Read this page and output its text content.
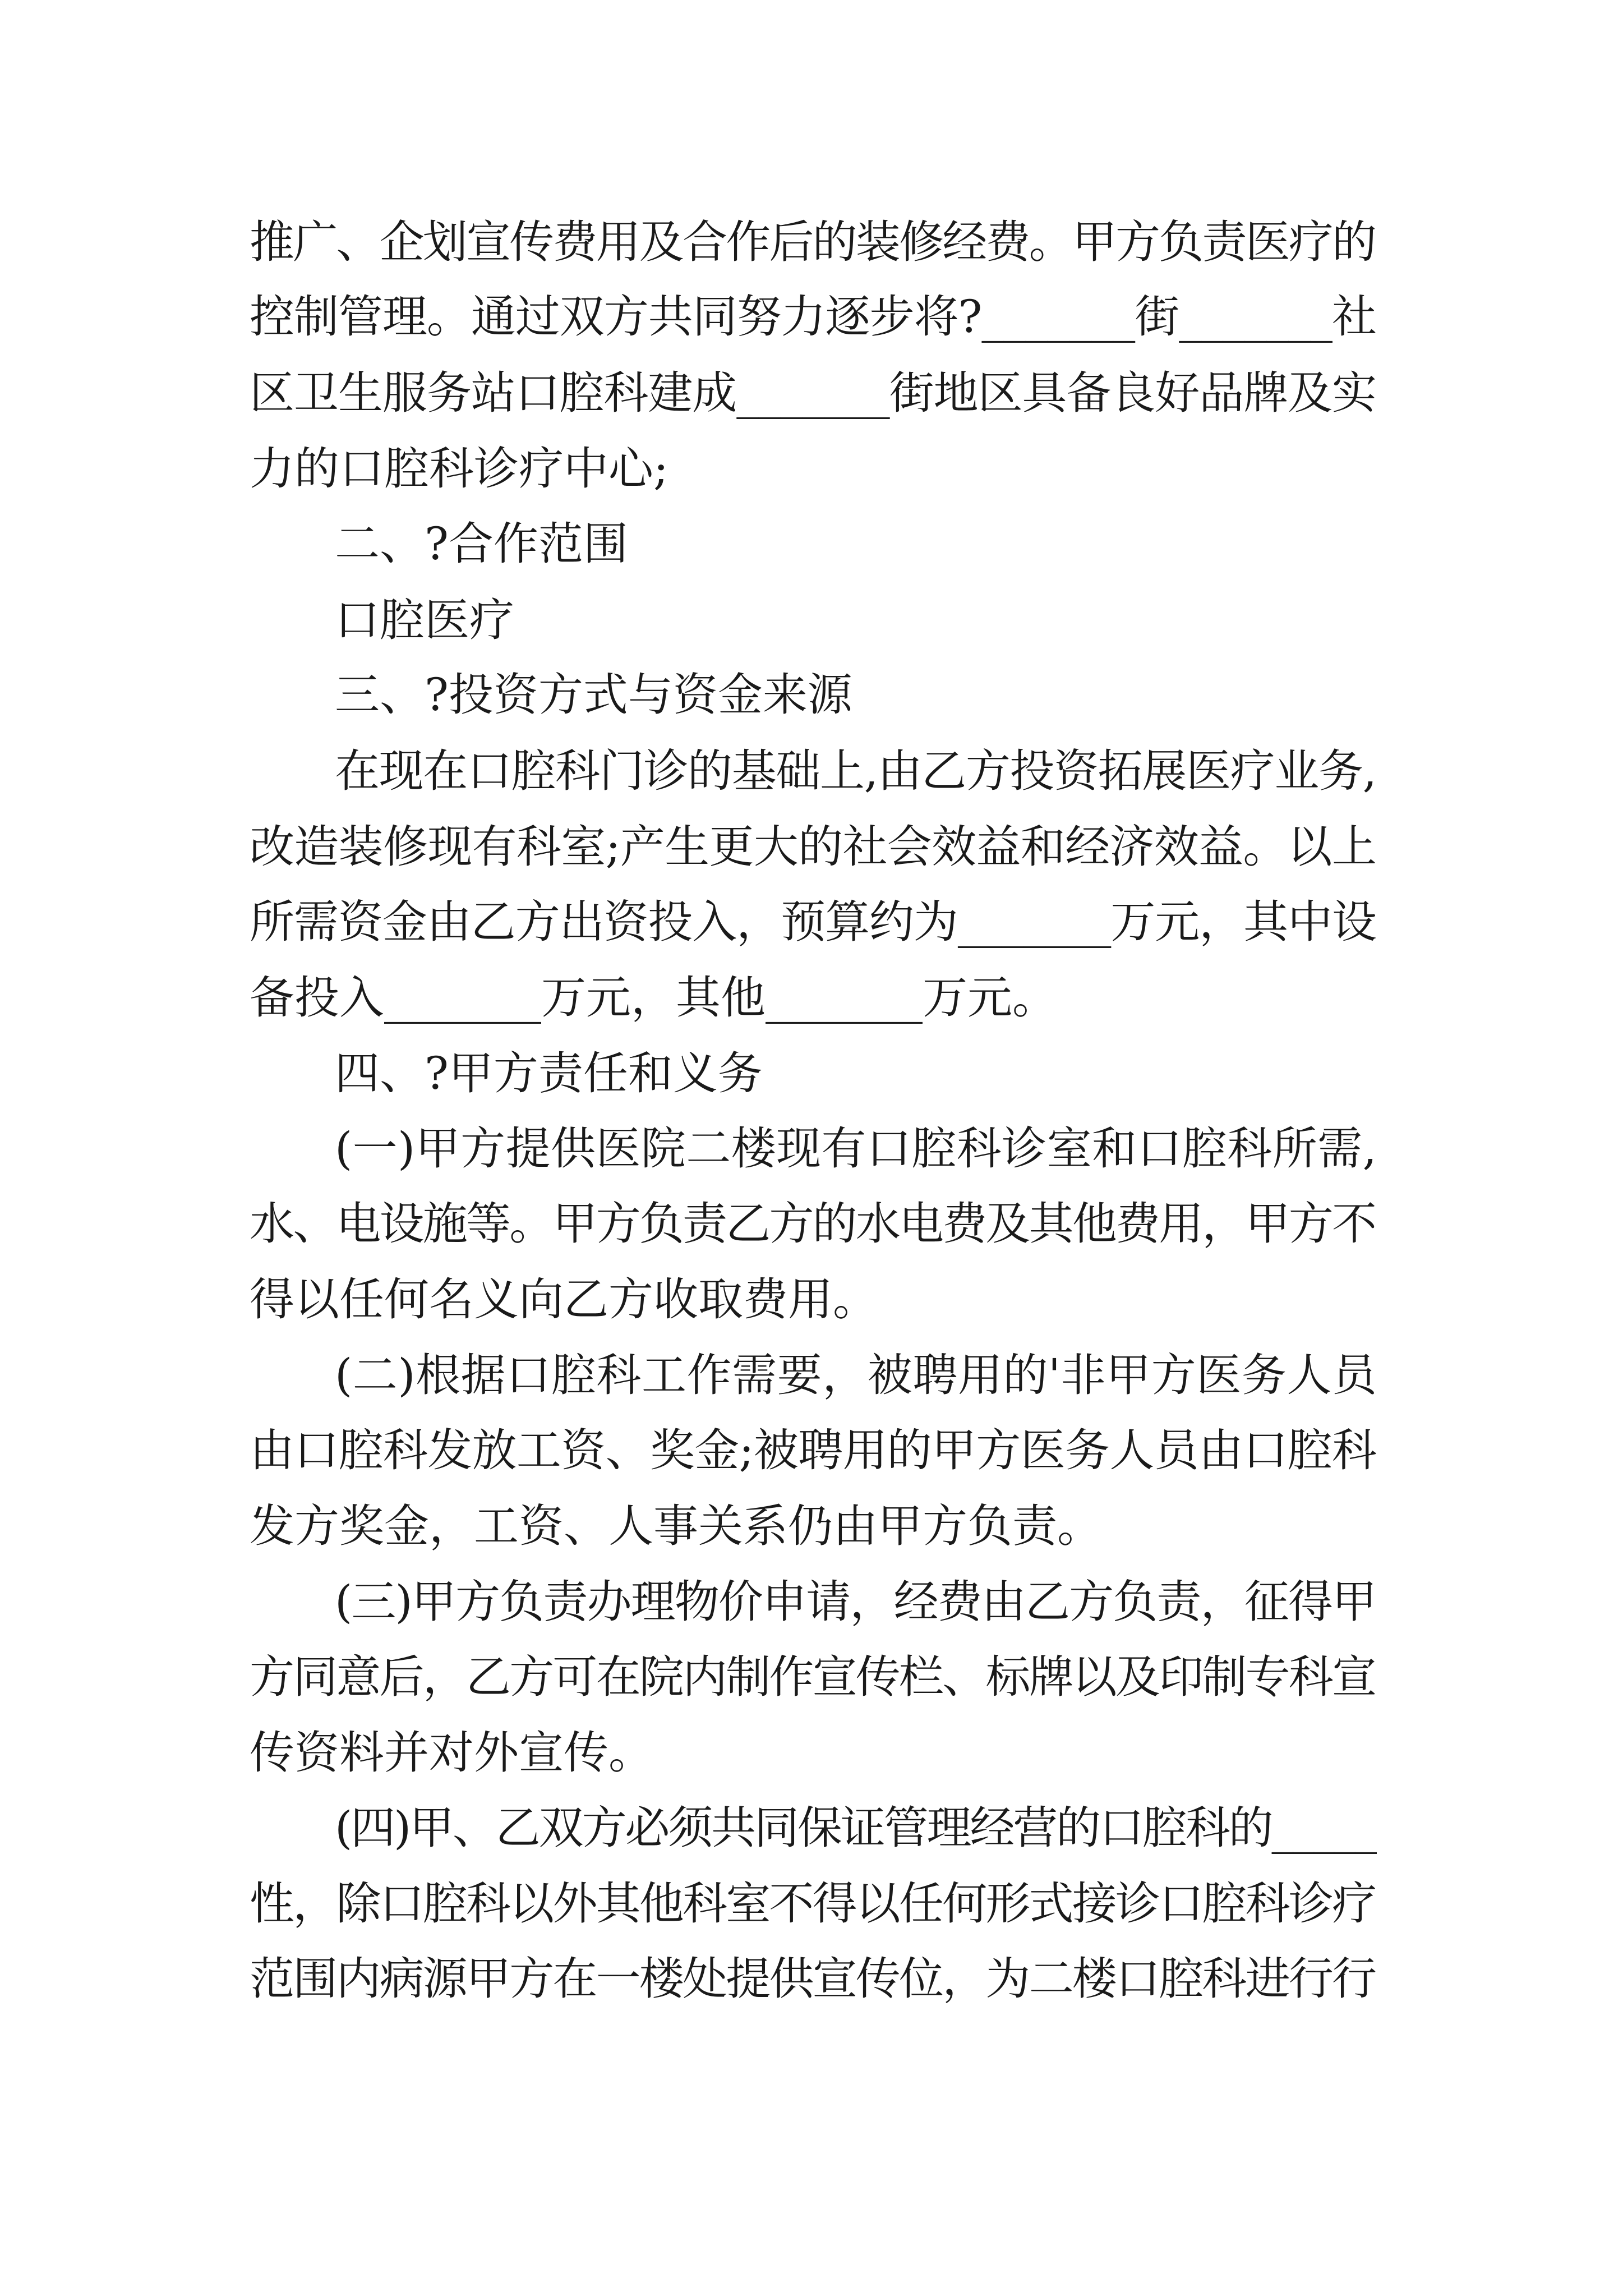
推广、企划宣传费用及合作后的装修经费。甲方负责医疗的
控制管理。通过双方共同努力逐步将?_______街_______社
区卫生服务站口腔科建成_______街地区具备良好品牌及实
力的口腔科诊疗中心;
二、?合作范围
口腔医疗
三、?投资方式与资金来源
在现在口腔科门诊的基础上,由乙方投资拓展医疗业务,
改造装修现有科室;产生更大的社会效益和经济效益。以上
所需资金由乙方出资投入，预算约为_______万元，其中设
备投入_______万元，其他_______万元。
四、?甲方责任和义务
(一)甲方提供医院二楼现有口腔科诊室和口腔科所需,
水、电设施等。甲方负责乙方的水电费及其他费用，甲方不
得以任何名义向乙方收取费用。
(二)根据口腔科工作需要，被聘用的'非甲方医务人员
由口腔科发放工资、奖金;被聘用的甲方医务人员由口腔科
发方奖金，工资、人事关系仍由甲方负责。
(三)甲方负责办理物价申请，经费由乙方负责，征得甲
方同意后，乙方可在院内制作宣传栏、标牌以及印制专科宣
传资料并对外宣传。
(四)甲、乙双方必须共同保证管理经营的口腔科的_____
性，除口腔科以外其他科室不得以任何形式接诊口腔科诊疗
范围内病源甲方在一楼处提供宣传位，为二楼口腔科进行行
